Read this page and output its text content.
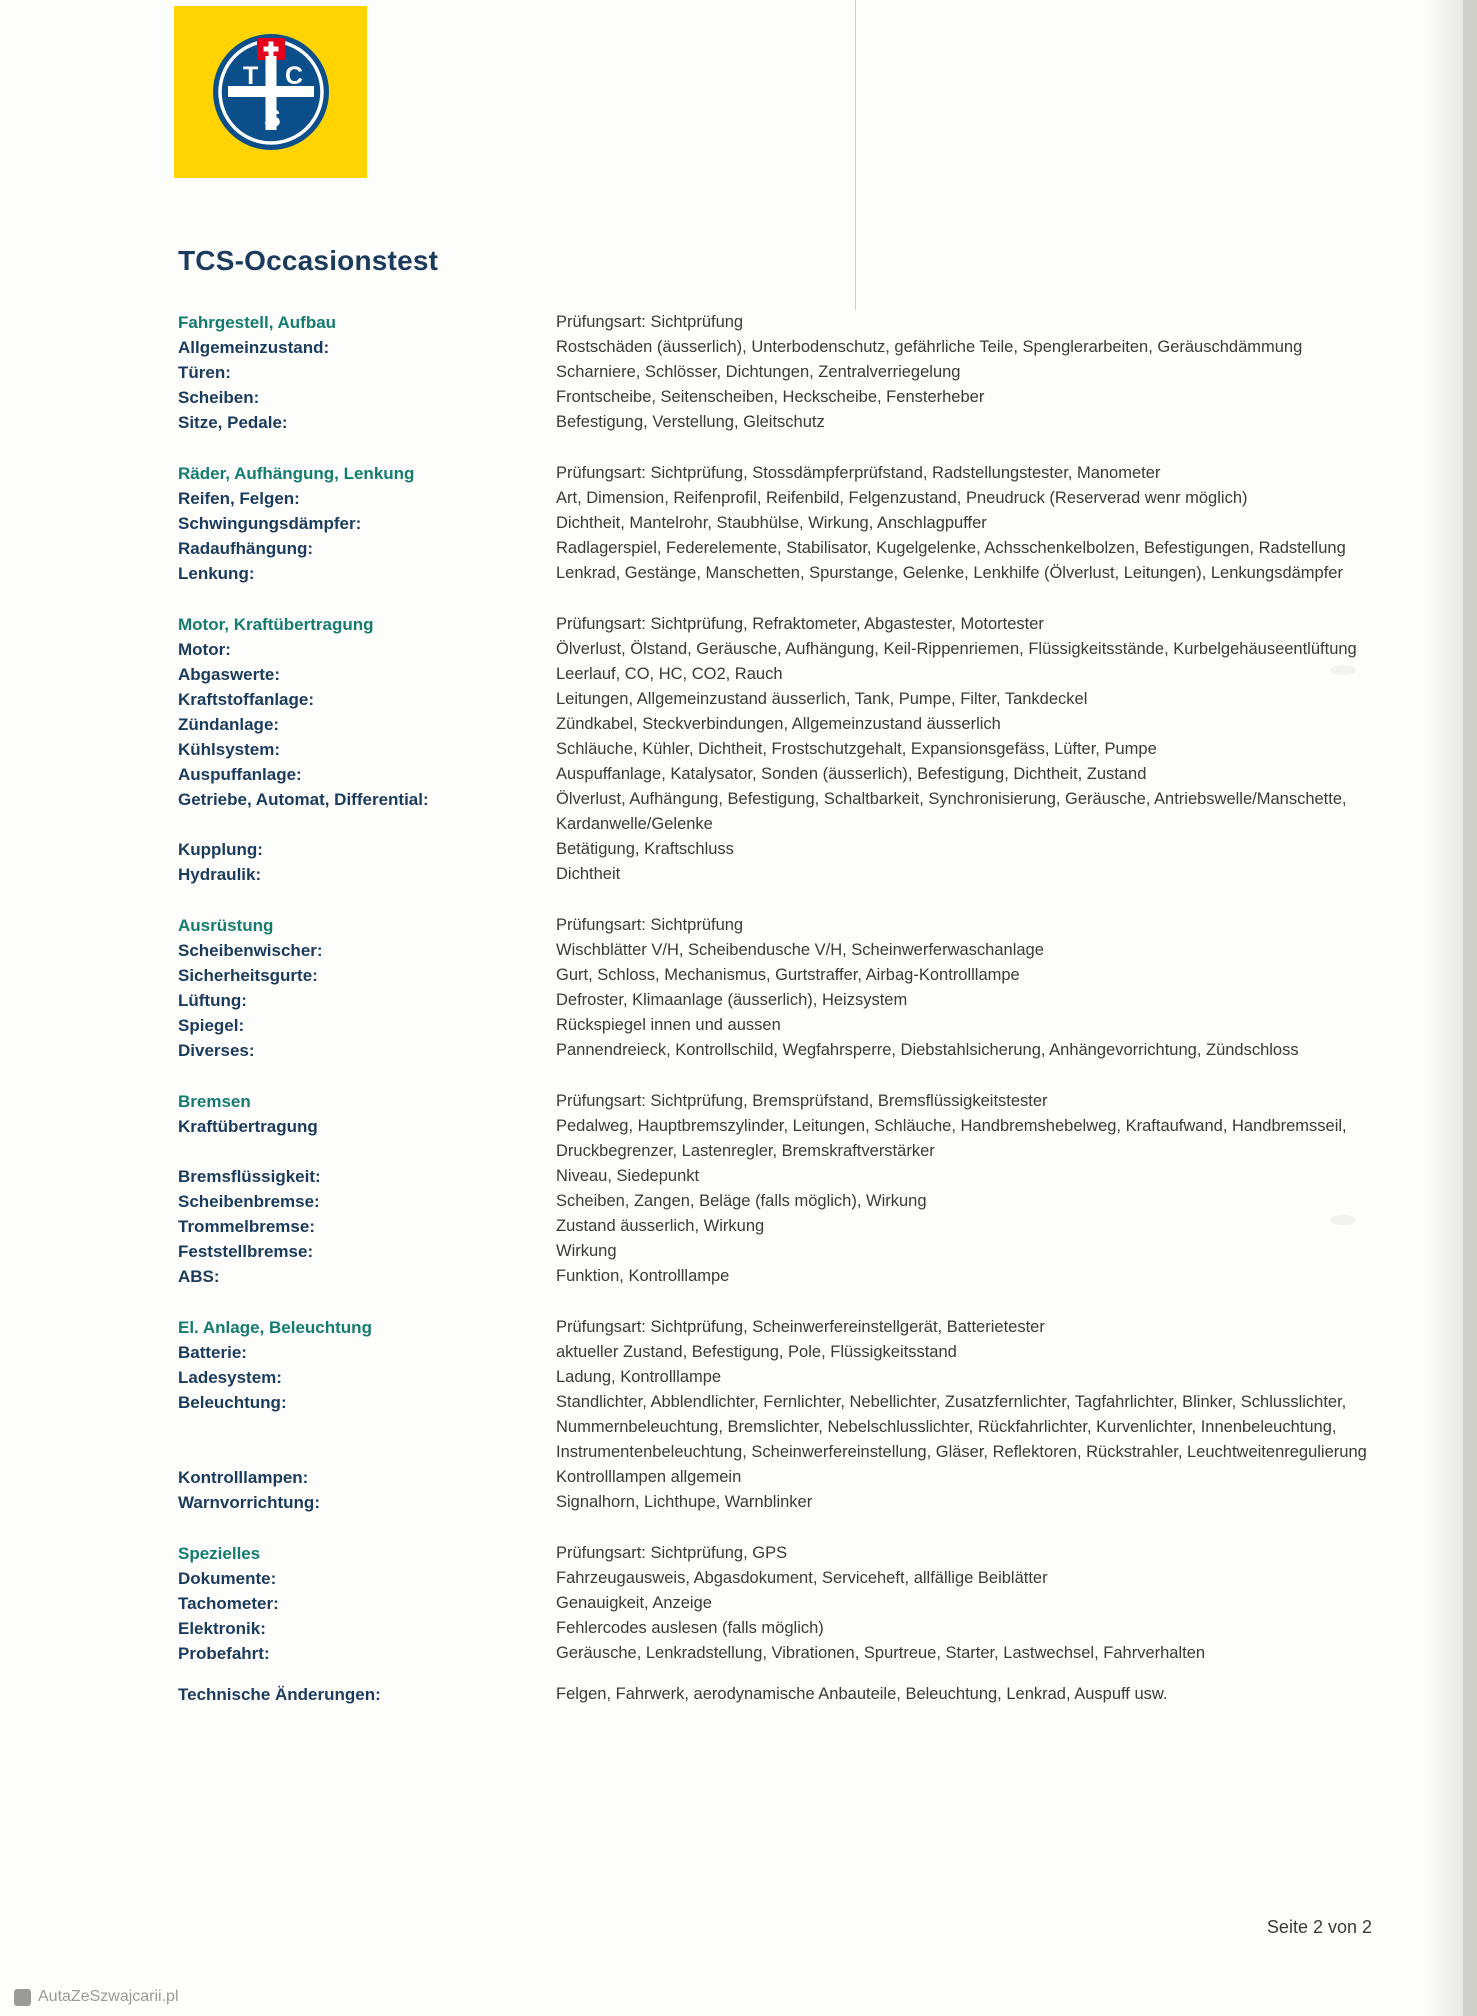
T C
S
TCS-Occasionstest
Fahrgestell, Aufbau	Prüfungsart: Sichtprüfung
Allgemeinzustand:	Rostschäden (äusserlich), Unterbodenschutz, gefährliche Teile, Spenglerarbeiten, Geräuschdämmung
Türen:	Scharniere, Schlösser, Dichtungen, Zentralverriegelung
Scheiben:	Frontscheibe, Seitenscheiben, Heckscheibe, Fensterheber
Sitze, Pedale:	Befestigung, Verstellung, Gleitschutz
Räder, Aufhängung, Lenkung	Prüfungsart: Sichtprüfung, Stossdämpferprüfstand, Radstellungstester, Manometer
Reifen, Felgen:	Art, Dimension, Reifenprofil, Reifenbild, Felgenzustand, Pneudruck (Reserverad wenr möglich)
Schwingungsdämpfer:	Dichtheit, Mantelrohr, Staubhülse, Wirkung, Anschlagpuffer
Radaufhängung:	Radlagerspiel, Federelemente, Stabilisator, Kugelgelenke, Achsschenkelbolzen, Befestigungen, Radstellung
Lenkung:	Lenkrad, Gestänge, Manschetten, Spurstange, Gelenke, Lenkhilfe (Ölverlust, Leitungen), Lenkungsdämpfer
Motor, Kraftübertragung	Prüfungsart: Sichtprüfung, Refraktometer, Abgastester, Motortester
Motor:	Ölverlust, Ölstand, Geräusche, Aufhängung, Keil-Rippenriemen, Flüssigkeitsstände, Kurbelgehäuseentlüftung
Abgaswerte:	Leerlauf, CO, HC, CO2, Rauch
Kraftstoffanlage:	Leitungen, Allgemeinzustand äusserlich, Tank, Pumpe, Filter, Tankdeckel
Zündanlage:	Zündkabel, Steckverbindungen, Allgemeinzustand äusserlich
Kühlsystem:	Schläuche, Kühler, Dichtheit, Frostschutzgehalt, Expansionsgefäss, Lüfter, Pumpe
Auspuffanlage:	Auspuffanlage, Katalysator, Sonden (äusserlich), Befestigung, Dichtheit, Zustand
Getriebe, Automat, Differential:	Ölverlust, Aufhängung, Befestigung, Schaltbarkeit, Synchronisierung, Geräusche, Antriebswelle/Manschette, Kardanwelle/Gelenke
Kupplung:	Betätigung, Kraftschluss
Hydraulik:	Dichtheit
Ausrüstung	Prüfungsart: Sichtprüfung
Scheibenwischer:	Wischblätter V/H, Scheibendusche V/H, Scheinwerferwaschanlage
Sicherheitsgurte:	Gurt, Schloss, Mechanismus, Gurtstraffer, Airbag-Kontrolllampe
Lüftung:	Defroster, Klimaanlage (äusserlich), Heizsystem
Spiegel:	Rückspiegel innen und aussen
Diverses:	Pannendreieck, Kontrollschild, Wegfahrsperre, Diebstahlsicherung, Anhängevorrichtung, Zündschloss
Bremsen	Prüfungsart: Sichtprüfung, Bremsprüfstand, Bremsflüssigkeitstester
Kraftübertragung	Pedalweg, Hauptbremszylinder, Leitungen, Schläuche, Handbremshebelweg, Kraftaufwand, Handbremsseil, Druckbegrenzer, Lastenregler, Bremskraftverstärker
Bremsflüssigkeit:	Niveau, Siedepunkt
Scheibenbremse:	Scheiben, Zangen, Beläge (falls möglich), Wirkung
Trommelbremse:	Zustand äusserlich, Wirkung
Feststellbremse:	Wirkung
ABS:	Funktion, Kontrolllampe
El. Anlage, Beleuchtung	Prüfungsart: Sichtprüfung, Scheinwerfereinstellgerät, Batterietester
Batterie:	aktueller Zustand, Befestigung, Pole, Flüssigkeitsstand
Ladesystem:	Ladung, Kontrolllampe
Beleuchtung:	Standlichter, Abblendlichter, Fernlichter, Nebellichter, Zusatzfernlichter, Tagfahrlichter, Blinker, Schlusslichter, Nummernbeleuchtung, Bremslichter, Nebelschlusslichter, Rückfahrlichter, Kurvenlichter, Innenbeleuchtung, Instrumentenbeleuchtung, Scheinwerfereinstellung, Gläser, Reflektoren, Rückstrahler, Leuchtweitenregulierung
Kontrolllampen:	Kontrolllampen allgemein
Warnvorrichtung:	Signalhorn, Lichthupe, Warnblinker
Spezielles	Prüfungsart: Sichtprüfung, GPS
Dokumente:	Fahrzeugausweis, Abgasdokument, Serviceheft, allfällige Beiblätter
Tachometer:	Genauigkeit, Anzeige
Elektronik:	Fehlercodes auslesen (falls möglich)
Probefahrt:	Geräusche, Lenkradstellung, Vibrationen, Spurtreue, Starter, Lastwechsel, Fahrverhalten
Technische Änderungen:	Felgen, Fahrwerk, aerodynamische Anbauteile, Beleuchtung, Lenkrad, Auspuff usw.
Seite 2 von 2
AutaZeSzwajcarii.pl
